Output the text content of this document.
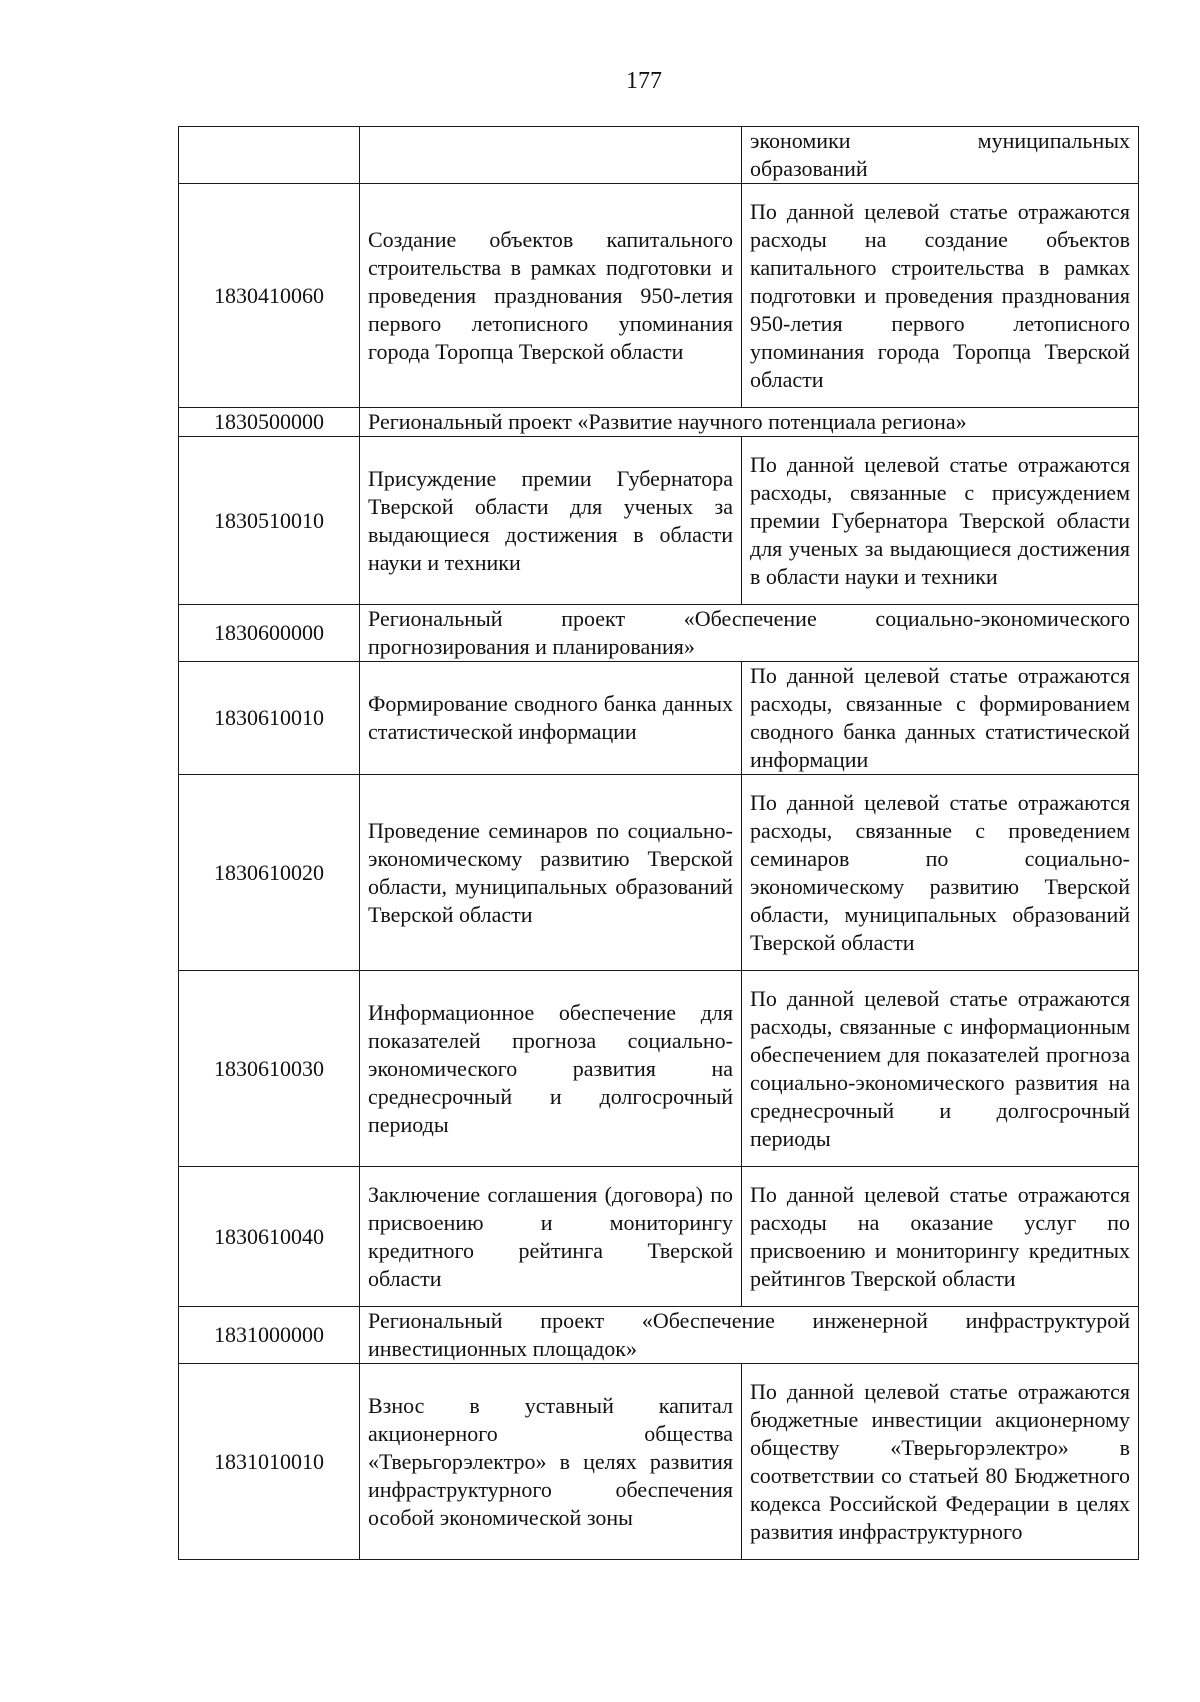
177
		экономики муниципальных образований
1830410060	Создание объектов капитального строительства в рамках подготовки и проведения празднования 950-летия первого летописного упоминания города Торопца Тверской области	По данной целевой статье отражаются расходы на создание объектов капитального строительства в рамках подготовки и проведения празднования 950-летия первого летописного упоминания города Торопца Тверской области
1830500000	Региональный проект «Развитие научного потенциала региона»	
1830510010	Присуждение премии Губернатора Тверской области для ученых за выдающиеся достижения в области науки и техники	По данной целевой статье отражаются расходы, связанные с присуждением премии Губернатора Тверской области для ученых за выдающиеся достижения в области науки и техники
1830600000	Региональный проект «Обеспечение социально-экономического прогнозирования и планирования»	
1830610010	Формирование сводного банка данных статистической информации	По данной целевой статье отражаются расходы, связанные с формированием сводного банка данных статистической информации
1830610020	Проведение семинаров по социально-экономическому развитию Тверской области, муниципальных образований Тверской области	По данной целевой статье отражаются расходы, связанные с проведением семинаров по социально-экономическому развитию Тверской области, муниципальных образований Тверской области
1830610030	Информационное обеспечение для показателей прогноза социально-экономического развития на среднесрочный и долгосрочный периоды	По данной целевой статье отражаются расходы, связанные с информационным обеспечением для показателей прогноза социально-экономического развития на среднесрочный и долгосрочный периоды
1830610040	Заключение соглашения (договора) по присвоению и мониторингу кредитного рейтинга Тверской области	По данной целевой статье отражаются расходы на оказание услуг по присвоению и мониторингу кредитных рейтингов Тверской области
1831000000	Региональный проект «Обеспечение инженерной инфраструктурой инвестиционных площадок»	
1831010010	Взнос в уставный капитал акционерного общества «Тверьгорэлектро» в целях развития инфраструктурного обеспечения особой экономической зоны	По данной целевой статье отражаются бюджетные инвестиции акционерному обществу «Тверьгорэлектро» в соответствии со статьей 80 Бюджетного кодекса Российской Федерации в целях развития инфраструктурного
